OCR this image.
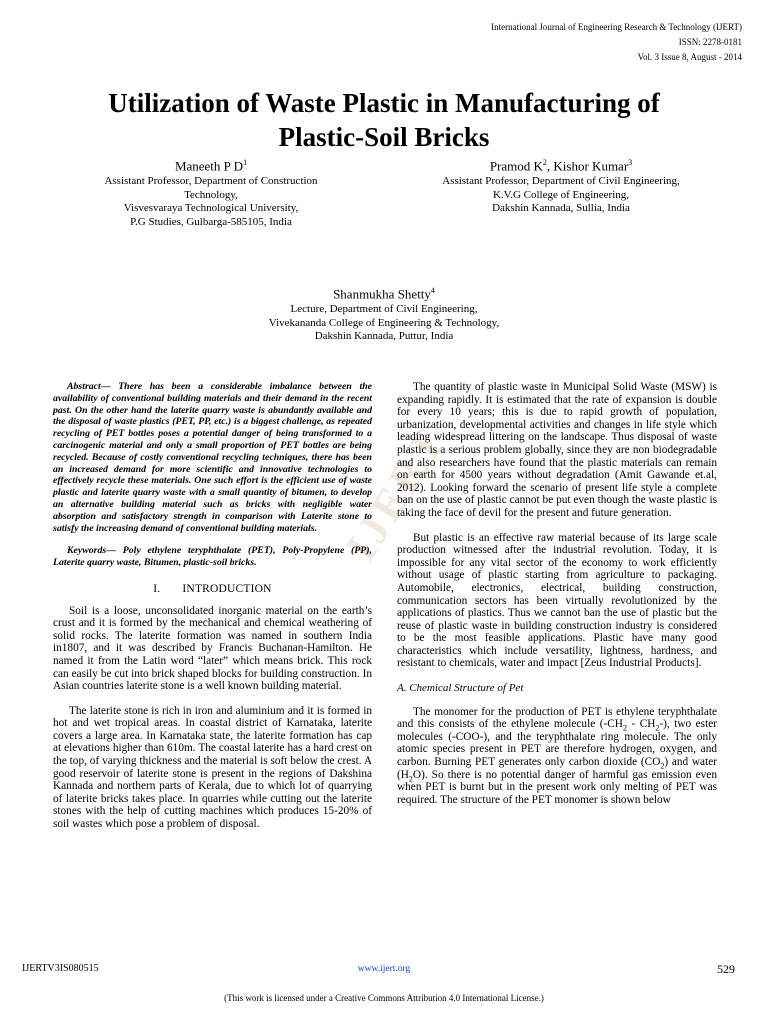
International Journal of Engineering Research & Technology (IJERT)
ISSN: 2278-0181
Vol. 3 Issue 8, August - 2014
Utilization of Waste Plastic in Manufacturing of
Plastic-Soil Bricks
Maneeth P $D^1$
Assistant Professor, Department of Construction
Technology,
Visvesvaraya Technological University,
P.G Studies, Gulbarga-585105, India
Pramod $K^2$, Kishor Kumar$^3$
Assistant Professor, Department of Civil Engineering,
K.V.G College of Engineering,
Dakshin Kannada, Sullia, India
Shanmukha Shetty$^4$
Lecture, Department of Civil Engineering,
Vivekananda College of Engineering & Technology,
Dakshin Kannada, Puttur, India
IJERT

Abstract— There has been a considerable imbalance between the availability of conventional building materials and their demand in the recent past. On the other hand the laterite quarry waste is abundantly available and the disposal of waste plastics (PET, PP, etc.) is a biggest challenge, as repeated recycling of PET bottles poses a potential danger of being transformed to a carcinogenic material and only a small proportion of PET bottles are being recycled. Because of costly conventional recycling techniques, there has been an increased demand for more scientific and innovative technologies to effectively recycle these materials. One such effort is the efficient use of waste plastic and laterite quarry waste with a small quantity of bitumen, to develop an alternative building material such as bricks with negligible water absorption and satisfactory strength in comparison with Laterite stone to satisfy the increasing demand of conventional building materials.

Keywords— Poly ethylene teryphthalate (PET), Poly-Propylene (PP), Laterite quarry waste, Bitumen, plastic-soil bricks.

I. INTRODUCTION

Soil is a loose, unconsolidated inorganic material on the earth’s crust and it is formed by the mechanical and chemical weathering of solid rocks. The laterite formation was named in southern India in1807, and it was described by Francis Buchanan-Hamilton. He named it from the Latin word “later” which means brick. This rock can easily be cut into brick shaped blocks for building construction. In Asian countries laterite stone is a well known building material.

The laterite stone is rich in iron and aluminium and it is formed in hot and wet tropical areas. In coastal district of Karnataka, laterite covers a large area. In Karnataka state, the laterite formation has cap at elevations higher than 610m. The coastal laterite has a hard crest on the top, of varying thickness and the material is soft below the crest. A good reservoir of laterite stone is present in the regions of Dakshina Kannada and northern parts of Kerala, due to which lot of quarrying of laterite bricks takes place. In quarries while cutting out the laterite stones with the help of cutting machines which produces 15-20% of soil wastes which pose a problem of disposal.

The quantity of plastic waste in Municipal Solid Waste (MSW) is expanding rapidly. It is estimated that the rate of expansion is double for every 10 years; this is due to rapid growth of population, urbanization, developmental activities and changes in life style which leading widespread littering on the landscape. Thus disposal of waste plastic is a serious problem globally, since they are non biodegradable and also researchers have found that the plastic materials can remain on earth for 4500 years without degradation (Amit Gawande et.al, 2012). Looking forward the scenario of present life style a complete ban on the use of plastic cannot be put even though the waste plastic is taking the face of devil for the present and future generation.

But plastic is an effective raw material because of its large scale production witnessed after the industrial revolution. Today, it is impossible for any vital sector of the economy to work efficiently without usage of plastic starting from agriculture to packaging. Automobile, electronics, electrical, building construction, communication sectors has been virtually revolutionized by the applications of plastics. Thus we cannot ban the use of plastic but the reuse of plastic waste in building construction industry is considered to be the most feasible applications. Plastic have many good characteristics which include versatility, lightness, hardness, and resistant to chemicals, water and impact [Zeus Industrial Products].

A. Chemical Structure of Pet

The monomer for the production of PET is ethylene teryphthalate and this consists of the ethylene molecule $(-CH_2 - CH_2-)$, two ester molecules (-COO-), and the teryphthalate ring molecule. The only atomic species present in PET are therefore hydrogen, oxygen, and carbon. Burning PET generates only carbon dioxide $(CO_2)$ and water $(H_2O)$. So there is no potential danger of harmful gas emission even when PET is burnt but in the present work only melting of PET was required. The structure of the PET monomer is shown below

IJERTV3IS080515	www.ijert.org	529
(This work is licensed under a Creative Commons Attribution 4.0 International License.)
